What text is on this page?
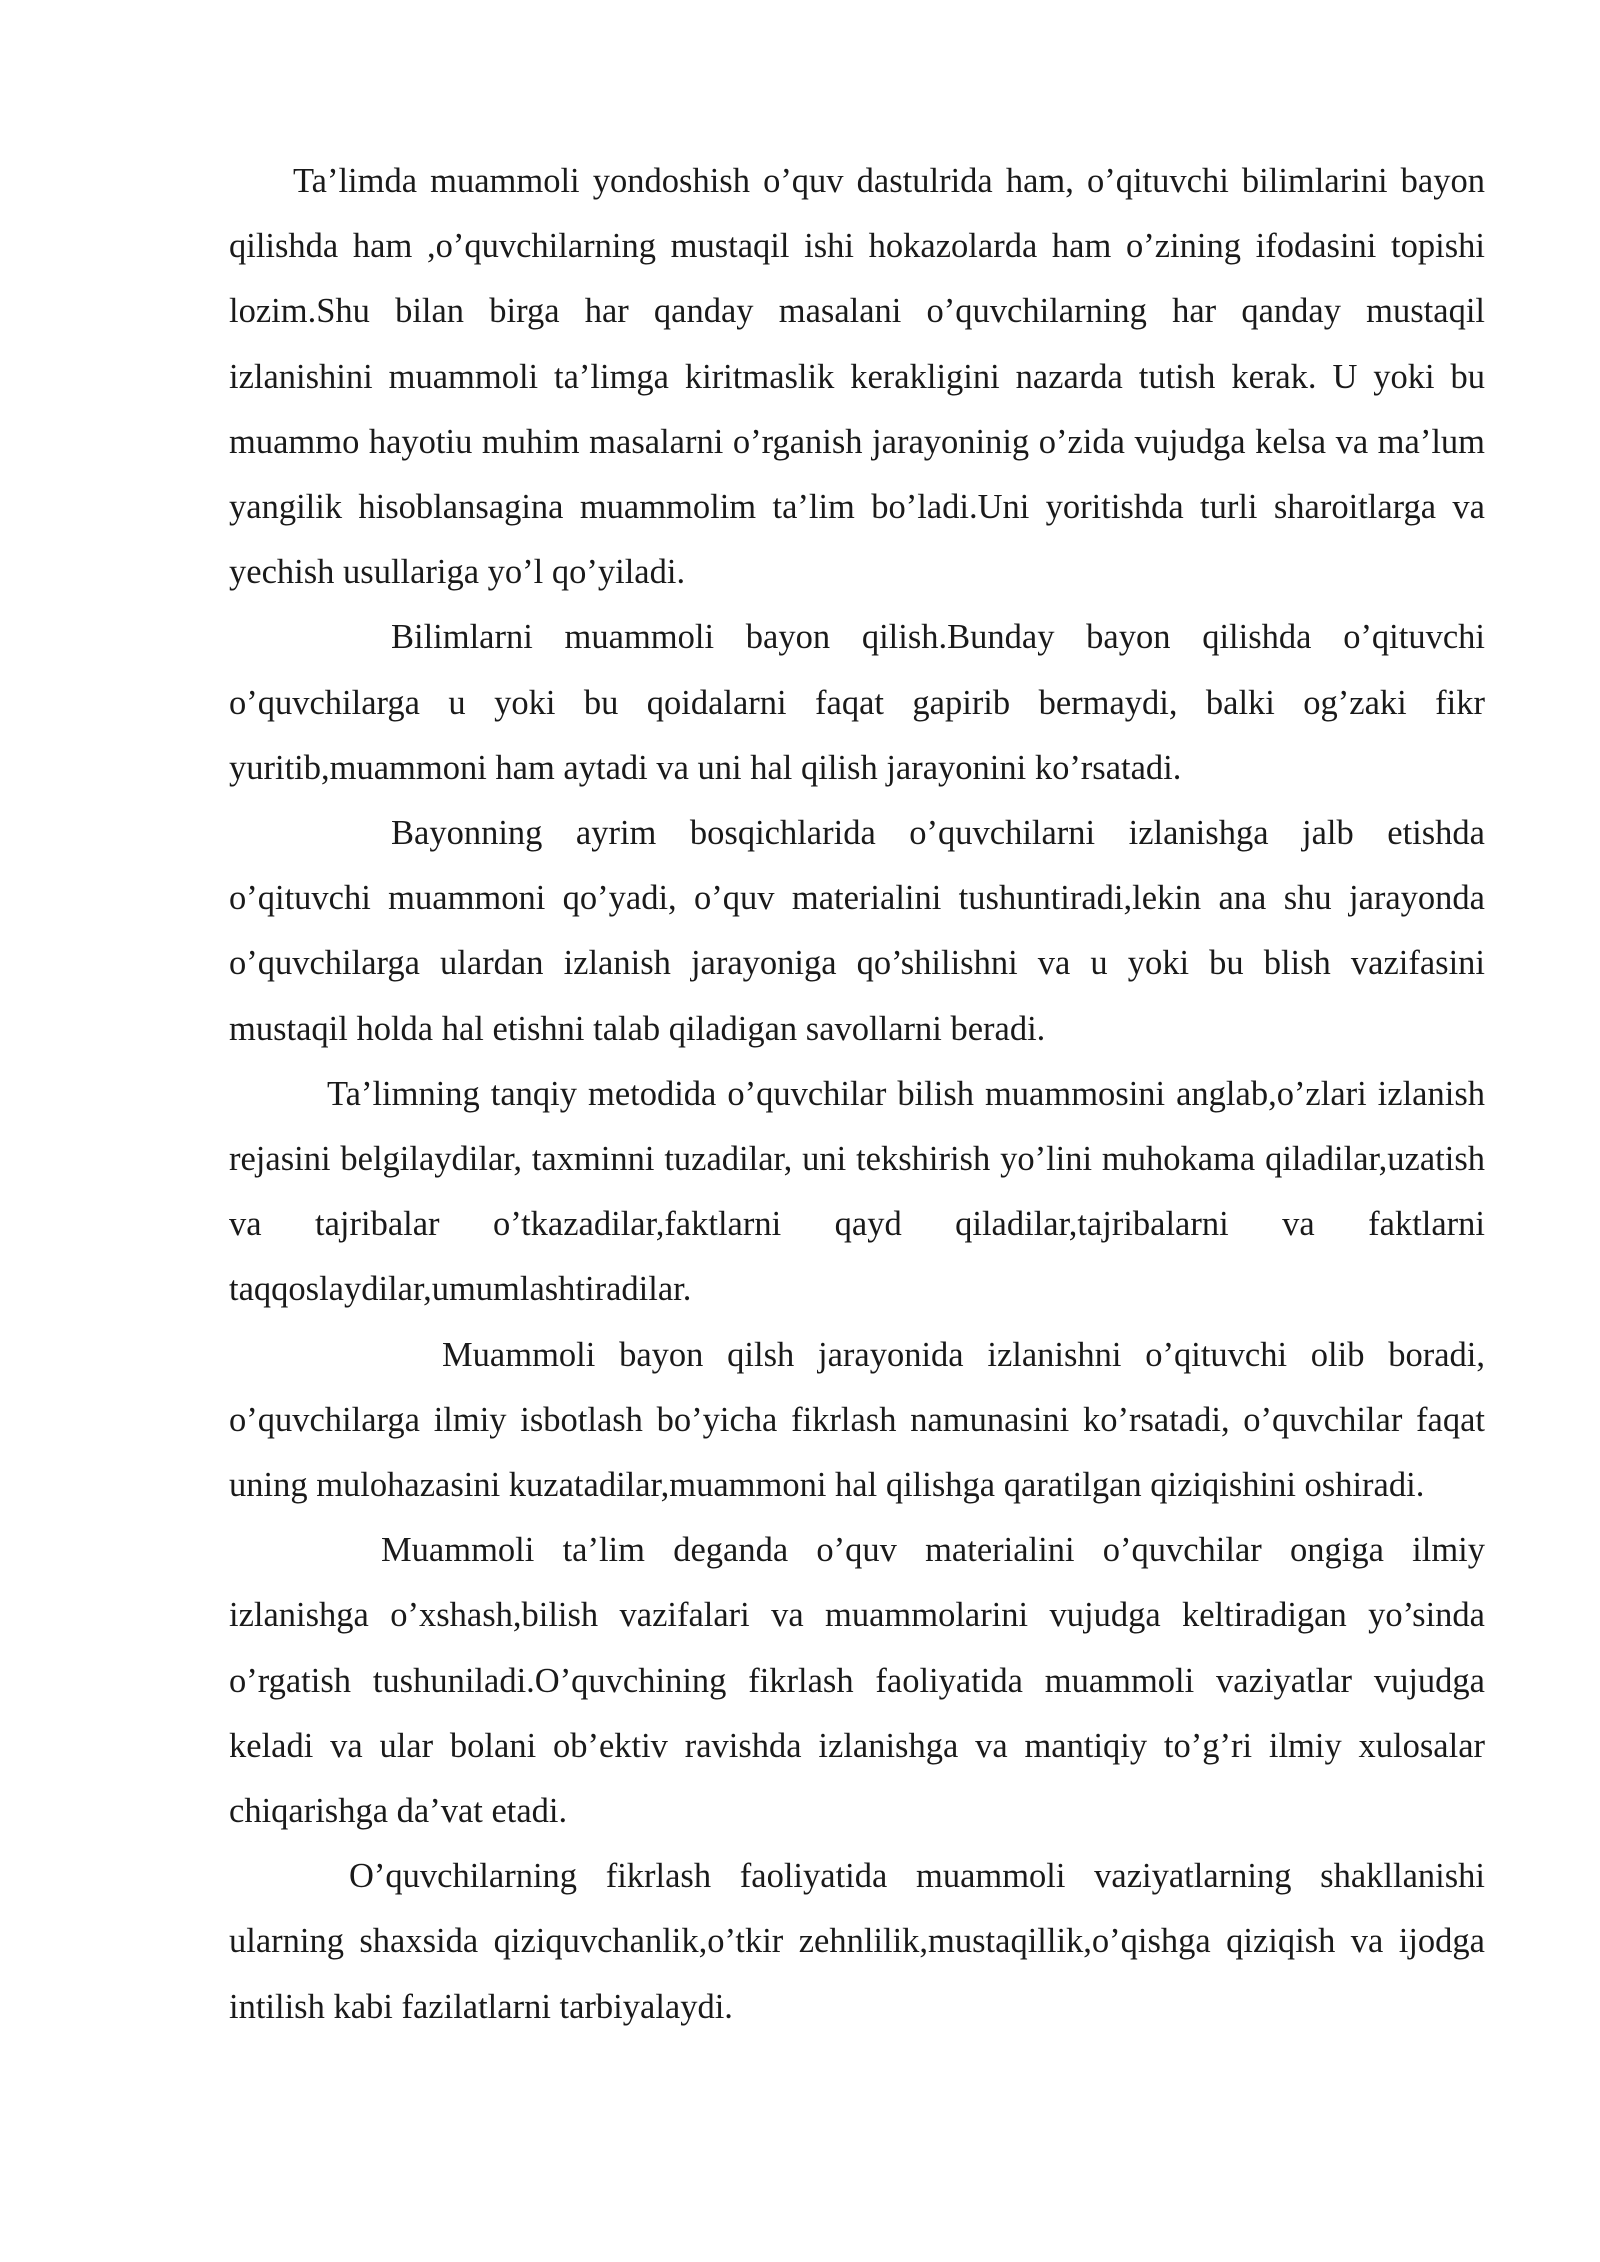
Ta’limda muammoli yondoshish o’quv dastulrida ham, o’qituvchi bilimlarini bayon qilishda ham ,o’quvchilarning mustaqil ishi hokazolarda ham o’zining ifodasini topishi lozim.Shu bilan birga har qanday masalani o’quvchilarning har qanday mustaqil izlanishini muammoli ta’limga kiritmaslik kerakligini nazarda tutish kerak. U yoki bu muammo hayotiu muhim masalarni o’rganish jarayoninig o’zida vujudga kelsa va ma’lum yangilik hisoblansagina muammolim ta’lim bo’ladi.Uni yoritishda turli sharoitlarga va yechish usullariga yo’l qo’yiladi.

Bilimlarni muammoli bayon qilish.Bunday bayon qilishda o’qituvchi o’quvchilarga u yoki bu qoidalarni faqat gapirib bermaydi, balki og’zaki fikr yuritib,muammoni ham aytadi va uni hal qilish jarayonini ko’rsatadi.

Bayonning ayrim bosqichlarida o’quvchilarni izlanishga jalb etishda o’qituvchi muammoni qo’yadi, o’quv materialini tushuntiradi,lekin ana shu jarayonda o’quvchilarga ulardan izlanish jarayoniga qo’shilishni va u yoki bu blish vazifasini mustaqil holda hal etishni talab qiladigan savollarni beradi.

Ta’limning tanqiy metodida o’quvchilar bilish muammosini anglab,o’zlari izlanish rejasini belgilaydilar, taxminni tuzadilar, uni tekshirish yo’lini muhokama qiladilar,uzatish va tajribalar o’tkazadilar,faktlarni qayd qiladilar,tajribalarni va faktlarni taqqoslaydilar,umumlashtiradilar.

Muammoli bayon qilsh jarayonida izlanishni o’qituvchi olib boradi, o’quvchilarga ilmiy isbotlash bo’yicha fikrlash namunasini ko’rsatadi, o’quvchilar faqat uning mulohazasini kuzatadilar,muammoni hal qilishga qaratilgan qiziqishini oshiradi.

Muammoli ta’lim deganda o’quv materialini o’quvchilar ongiga ilmiy izlanishga o’xshash,bilish vazifalari va muammolarini vujudga keltiradigan yo’sinda o’rgatish tushuniladi.O’quvchining fikrlash faoliyatida muammoli vaziyatlar vujudga keladi va ular bolani ob’ektiv ravishda izlanishga va mantiqiy to’g’ri ilmiy xulosalar chiqarishga da’vat etadi.

O’quvchilarning fikrlash faoliyatida muammoli vaziyatlarning shakllanishi ularning shaxsida qiziquvchanlik,o’tkir zehnlilik,mustaqillik,o’qishga qiziqish va ijodga intilish kabi fazilatlarni tarbiyalaydi.
